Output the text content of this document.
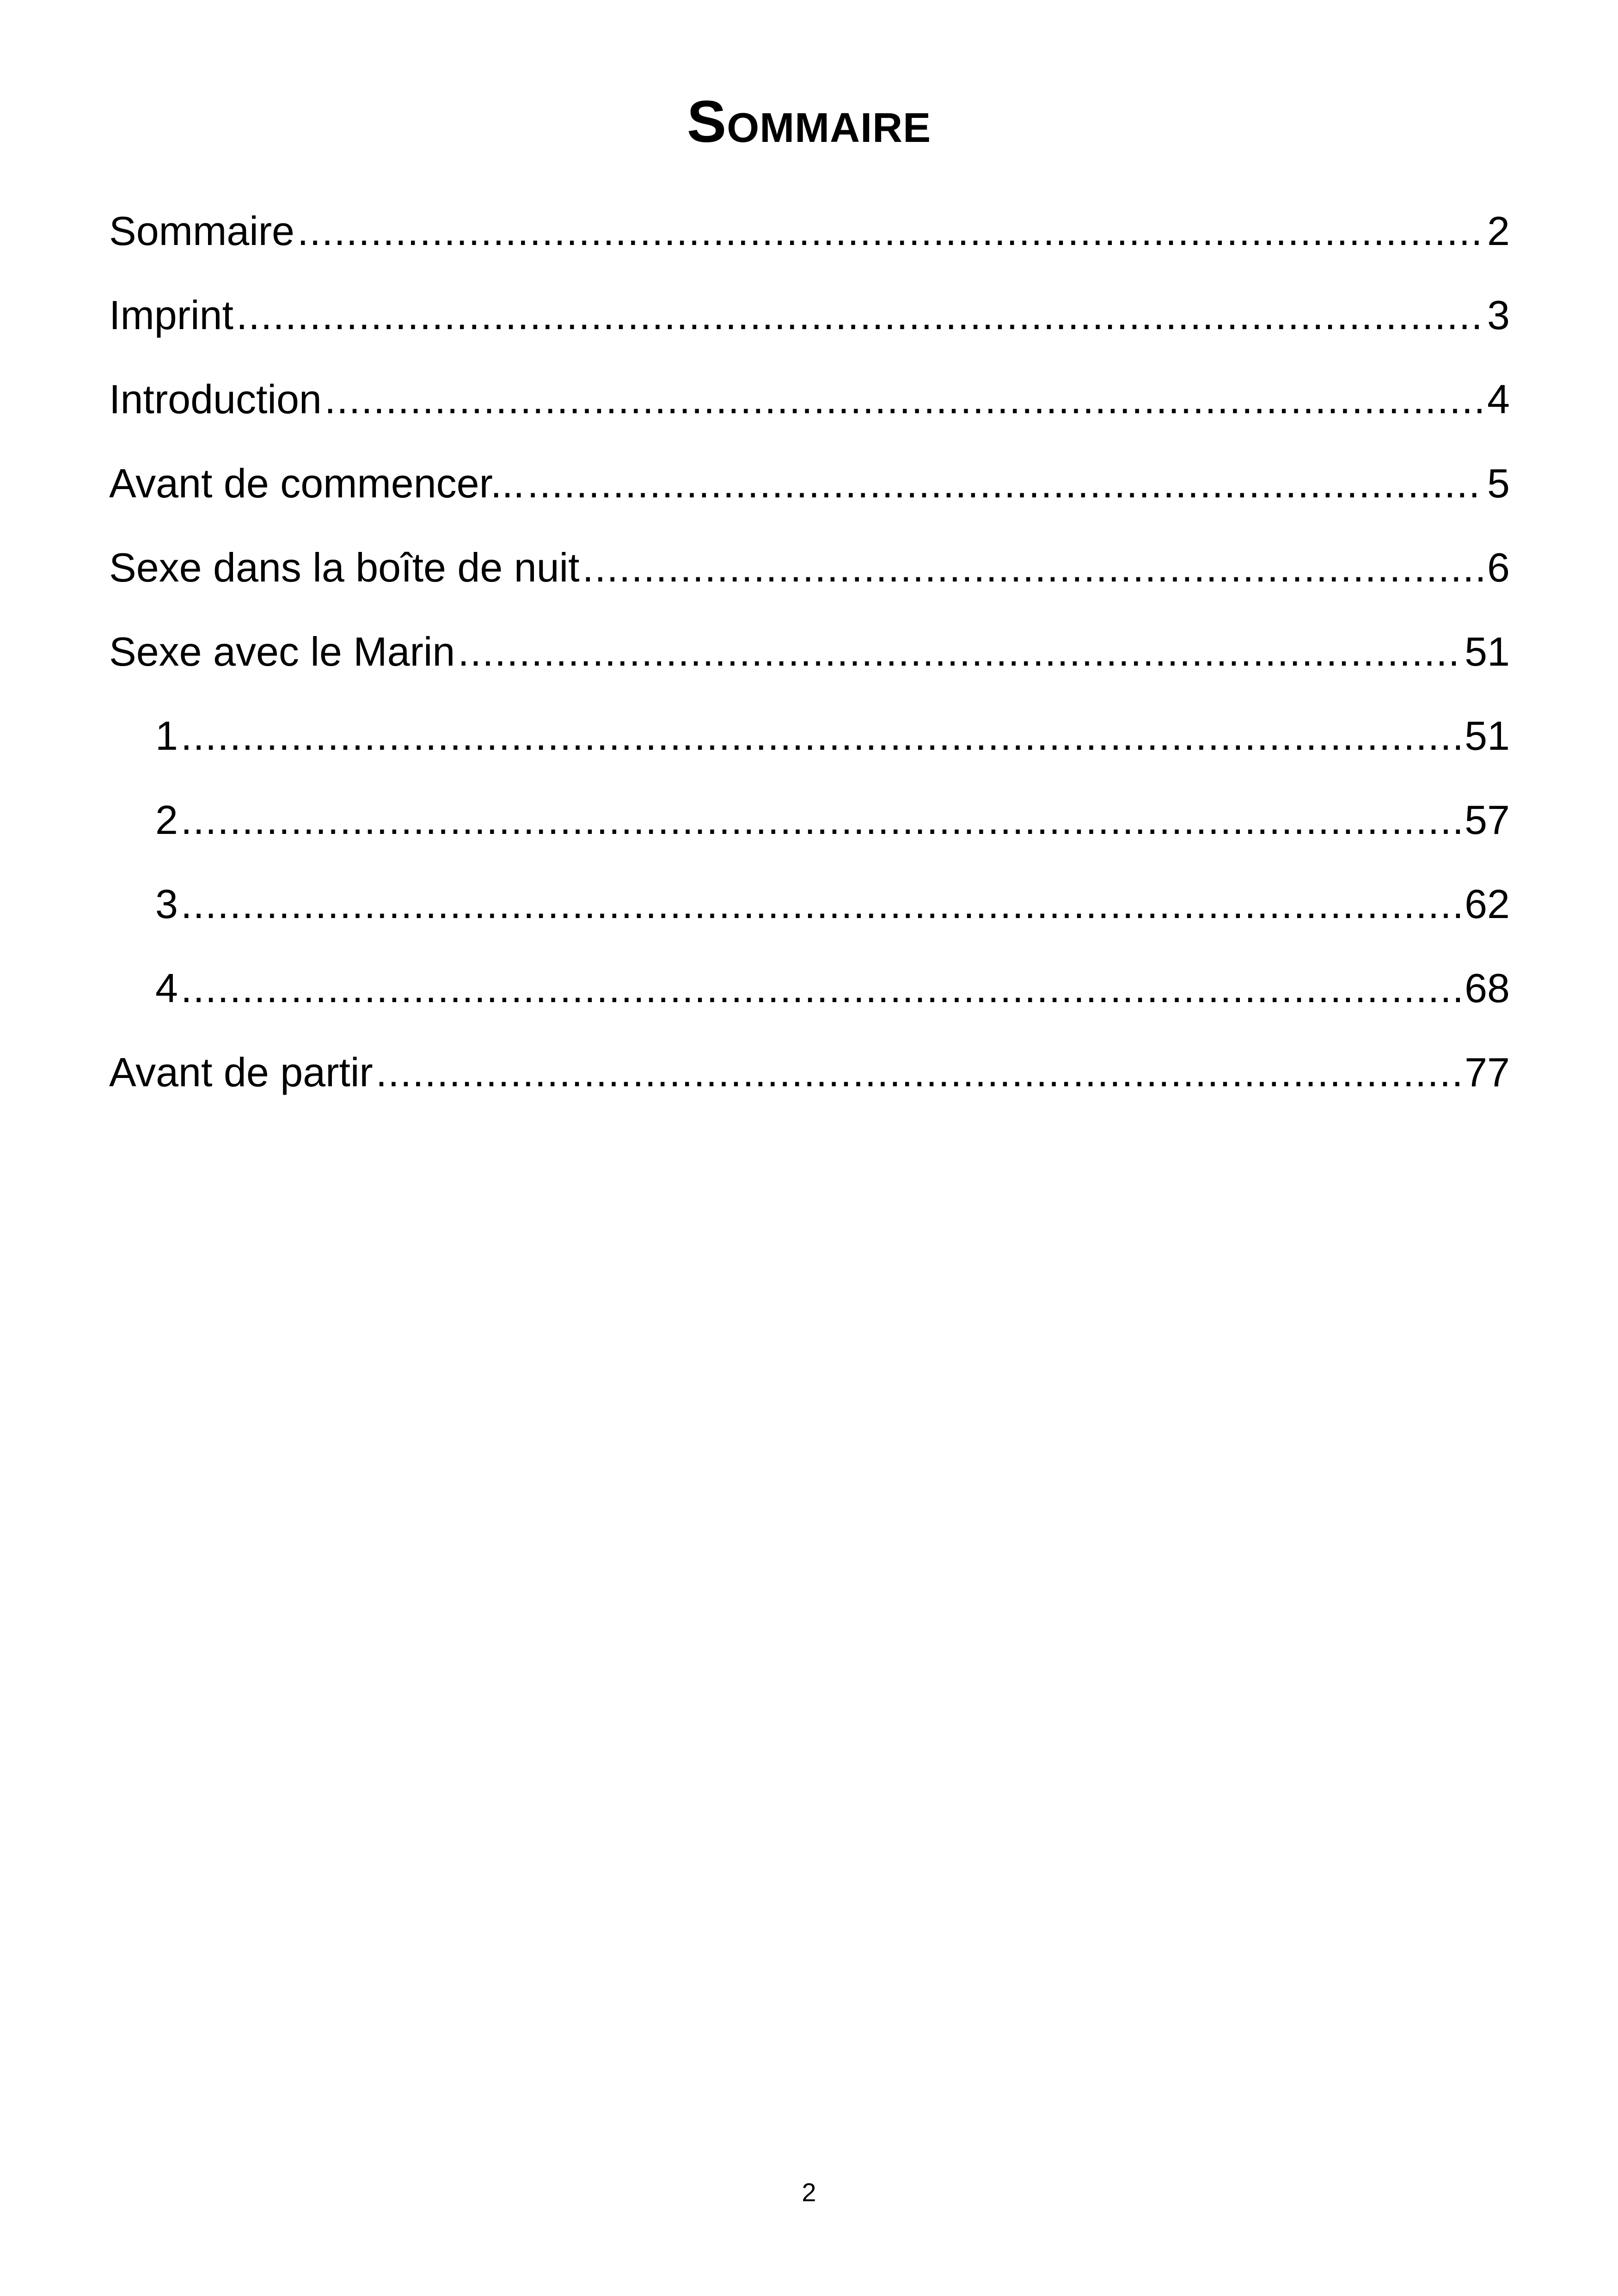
Sommaire
Sommaire .....	2
Imprint .....	3
Introduction .....	4
Avant de commencer... .....	5
Sexe dans la boîte de nuit .....	6
Sexe avec le Marin .....	51
1 .....	51
2 .....	57
3 .....	62
4 .....	68
Avant de partir .....	77
2
